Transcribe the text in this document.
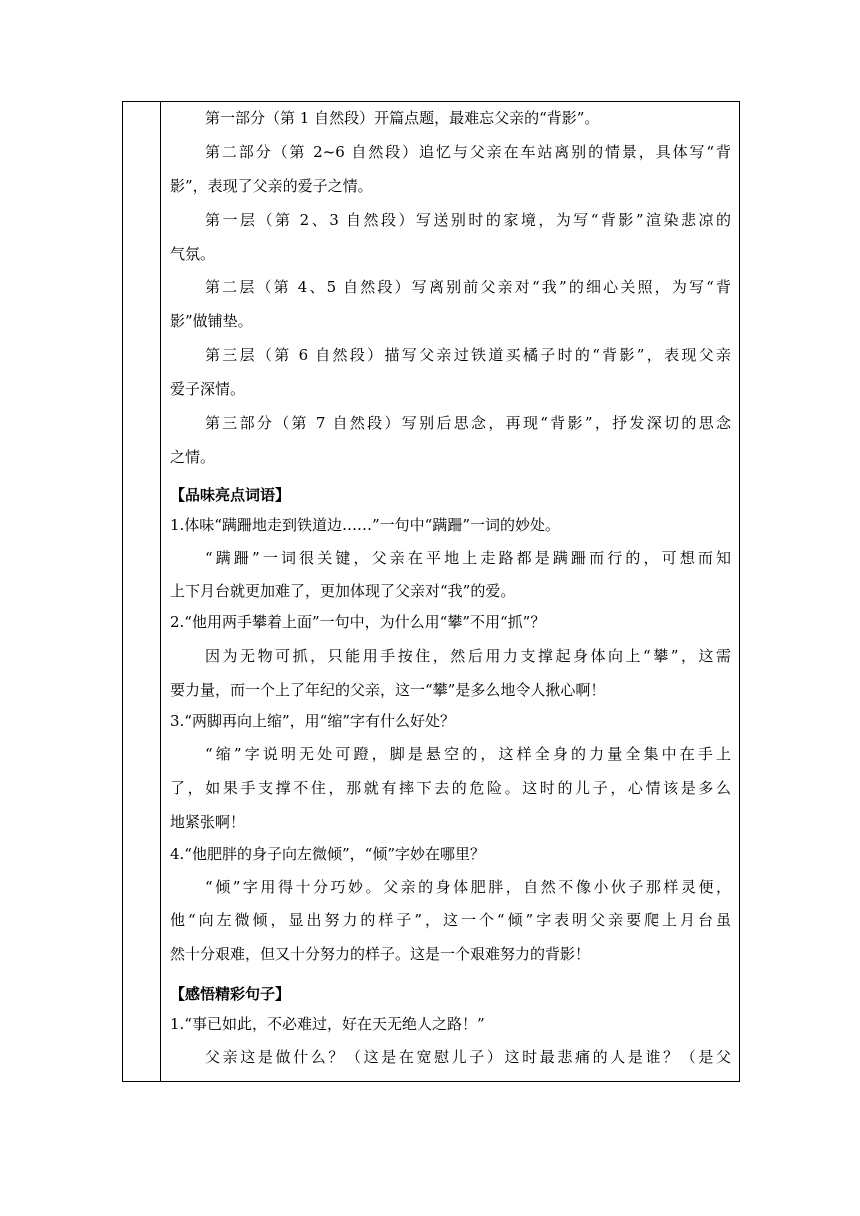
第一部分（第 1 自然段）开篇点题，最难忘父亲的“背影”。
第二部分（第 2~6 自然段）追忆与父亲在车站离别的情景，具体写“背
影”，表现了父亲的爱子之情。
第一层（第 2、3 自然段）写送别时的家境，为写“背影”渲染悲凉的
气氛。
第二层（第 4、5 自然段）写离别前父亲对“我”的细心关照，为写“背
影”做铺垫。
第三层（第 6 自然段）描写父亲过铁道买橘子时的“背影”，表现父亲
爱子深情。
第三部分（第 7 自然段）写别后思念，再现“背影”，抒发深切的思念
之情。
【品味亮点词语】
1.体味“蹒跚地走到铁道边……”一句中“蹒跚”一词的妙处。
“蹒跚”一词很关键，父亲在平地上走路都是蹒跚而行的，可想而知
上下月台就更加难了，更加体现了父亲对“我”的爱。
2.“他用两手攀着上面”一句中，为什么用“攀”不用“抓”？
因为无物可抓，只能用手按住，然后用力支撑起身体向上“攀”，这需
要力量，而一个上了年纪的父亲，这一“攀”是多么地令人揪心啊！
3.“两脚再向上缩”，用“缩”字有什么好处？
“缩”字说明无处可蹬，脚是悬空的，这样全身的力量全集中在手上
了，如果手支撑不住，那就有摔下去的危险。这时的儿子，心情该是多么
地紧张啊！
4.“他肥胖的身子向左微倾”，“倾”字妙在哪里？
“倾”字用得十分巧妙。父亲的身体肥胖，自然不像小伙子那样灵便，
他“向左微倾，显出努力的样子”，这一个“倾”字表明父亲要爬上月台虽
然十分艰难，但又十分努力的样子。这是一个艰难努力的背影！
【感悟精彩句子】
1.“事已如此，不必难过，好在天无绝人之路！”
父亲这是做什么？（这是在宽慰儿子）这时最悲痛的人是谁？（是父
